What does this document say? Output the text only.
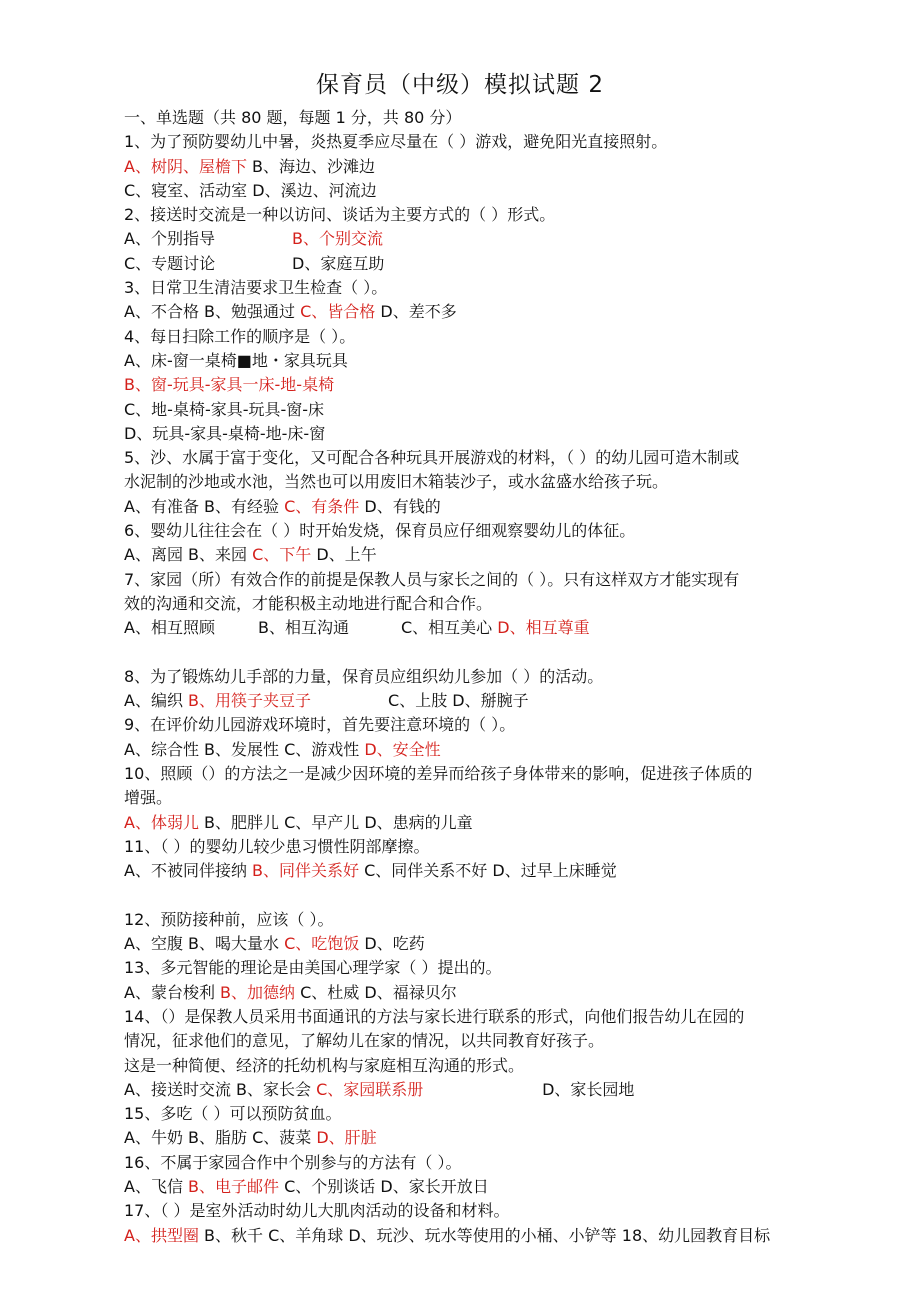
保育员（中级）模拟试题 2
一、单选题（共 80 题，每题 1 分，共 80 分）
1、为了预防婴幼儿中暑，炎热夏季应尽量在（ ）游戏，避免阳光直接照射。
A、树阴、屋檐下 B、海边、沙滩边
C、寝室、活动室 D、溪边、河流边
2、接送时交流是一种以访问、谈话为主要方式的（ ）形式。
A、个别指导	B、个别交流
C、专题讨论	D、家庭互助
3、日常卫生清洁要求卫生检查（ ）。
A、不合格 B、勉强通过 C、皆合格 D、差不多
4、每日扫除工作的顺序是（ ）。
A、床-窗一桌椅■地・家具玩具
B、窗-玩具-家具一床-地-桌椅
C、地-桌椅-家具-玩具-窗-床
D、玩具-家具-桌椅-地-床-窗
5、沙、水属于富于变化，又可配合各种玩具开展游戏的材料，（ ）的幼儿园可造木制或
水泥制的沙地或水池，当然也可以用废旧木箱装沙子，或水盆盛水给孩子玩。
A、有准备 B、有经验 C、有条件 D、有钱的
6、婴幼儿往往会在（ ）时开始发烧，保育员应仔细观察婴幼儿的体征。
A、离园 B、来园 C、下午 D、上午
7、家园（所）有效合作的前提是保教人员与家长之间的（ ）。只有这样双方才能实现有
效的沟通和交流，才能积极主动地进行配合和合作。
A、相互照顾	B、相互沟通	C、相互美心 D、相互尊重
8、为了锻炼幼儿手部的力量，保育员应组织幼儿参加（ ）的活动。
A、编织 B、用筷子夹豆子	C、上肢 D、掰腕子
9、在评价幼儿园游戏环境时，首先要注意环境的（ ）。
A、综合性 B、发展性 C、游戏性 D、安全性
10、照顾（）的方法之一是减少因环境的差异而给孩子身体带来的影响，促进孩子体质的
增强。
A、体弱儿 B、肥胖儿 C、早产儿 D、患病的儿童
11、（ ）的婴幼儿较少患习惯性阴部摩擦。
A、不被同伴接纳 B、同伴关系好 C、同伴关系不好 D、过早上床睡觉
12、预防接种前，应该（ ）。
A、空腹 B、喝大量水 C、吃饱饭 D、吃药
13、多元智能的理论是由美国心理学家（ ）提出的。
A、蒙台梭利 B、加德纳 C、杜威 D、福禄贝尔
14、（）是保教人员采用书面通讯的方法与家长进行联系的形式，向他们报告幼儿在园的
情况，征求他们的意见，了解幼儿在家的情况，以共同教育好孩子。
这是一种简便、经济的托幼机构与家庭相互沟通的形式。
A、接送时交流 B、家长会 C、家园联系册	D、家长园地
15、多吃（ ）可以预防贫血。
A、牛奶 B、脂肪 C、菠菜 D、肝脏
16、不属于家园合作中个别参与的方法有（ ）。
A、飞信 B、电子邮件 C、个别谈话 D、家长开放日
17、（ ）是室外活动时幼儿大肌肉活动的设备和材料。
A、拱型圈 B、秋千 C、羊角球 D、玩沙、玩水等使用的小桶、小铲等 18、幼儿园教育目标
